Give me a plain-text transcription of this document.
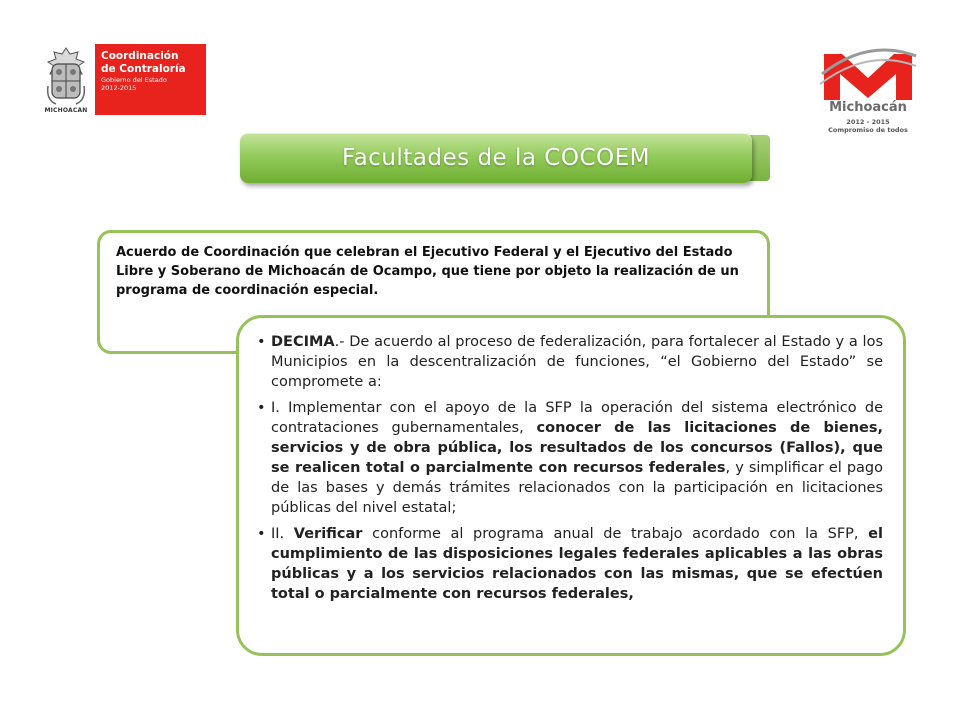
MICHOACAN
Coordinación
de Contraloría
Gobierno del Estado
2012-2015
Michoacán
2012 - 2015
Compromiso de todos
Facultades de la COCOEM
Acuerdo de Coordinación que celebran el Ejecutivo Federal y el Ejecutivo del Estado Libre y Soberano de Michoacán de Ocampo, que tiene por objeto la realización de un programa de coordinación especial.
• DECIMA.- De acuerdo al proceso de federalización, para fortalecer al Estado y a los Municipios en la descentralización de funciones, “el Gobierno del Estado” se compromete a:
• I. Implementar con el apoyo de la SFP la operación del sistema electrónico de contrataciones gubernamentales, conocer de las licitaciones de bienes, servicios y de obra pública, los resultados de los concursos (Fallos), que se realicen total o parcialmente con recursos federales, y simplificar el pago de las bases y demás trámites relacionados con la participación en licitaciones públicas del nivel estatal;
• II. Verificar conforme al programa anual de trabajo acordado con la SFP, el cumplimiento de las disposiciones legales federales aplicables a las obras públicas y a los servicios relacionados con las mismas, que se efectúen total o parcialmente con recursos federales,
